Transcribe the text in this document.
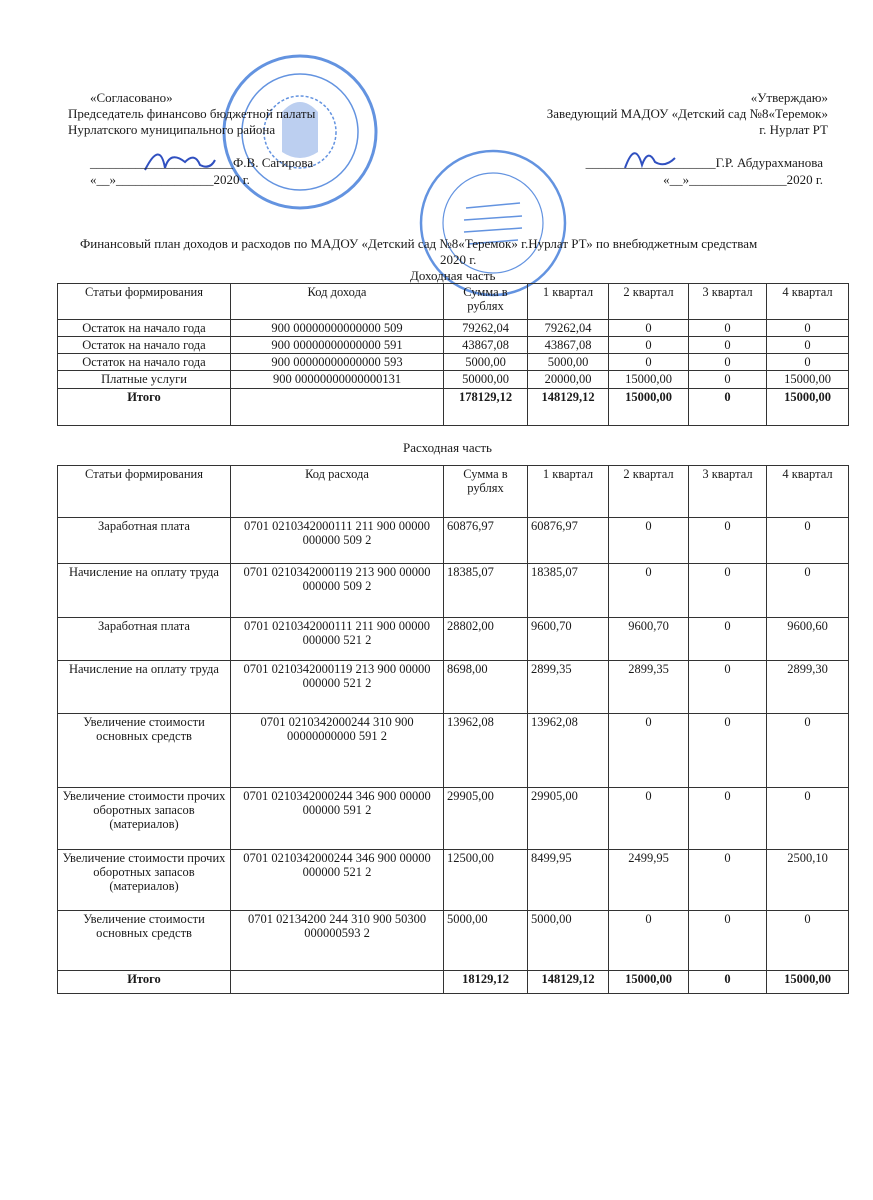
«Согласовано»
Председатель финансово бюджетной палаты
Нурлатского муниципального района
______________________Ф.В. Сагирова
«__»_______________2020 г.
«Утверждаю»
Заведующий МАДОУ «Детский сад №8«Теремок»
г. Нурлат РТ
____________________Г.Р. Абдурахманова
«__»_______________2020 г.
Финансовый план доходов и расходов по МАДОУ «Детский сад №8«Теремок» г.Нурлат РТ» по внебюджетным средствам
2020 г.
Доходная часть
Статьи формирования	Код дохода	Сумма в рублях	1 квартал	2 квартал	3 квартал	4 квартал
Остаток на начало года	900 00000000000000 509	79262,04	79262,04	0	0	0
Остаток на начало года	900 00000000000000 591	43867,08	43867,08	0	0	0
Остаток на начало года	900 00000000000000 593	5000,00	5000,00	0	0	0
Платные услуги	900 00000000000000131	50000,00	20000,00	15000,00	0	15000,00
Итого		178129,12	148129,12	15000,00	0	15000,00
Расходная часть
Статьи формирования	Код расхода	Сумма в рублях	1 квартал	2 квартал	3 квартал	4 квартал
Заработная плата	0701 0210342000111 211 900 00000 000000 509 2	60876,97	60876,97	0	0	0
Начисление на оплату труда	0701 0210342000119 213 900 00000 000000 509 2	18385,07	18385,07	0	0	0
Заработная плата	0701 0210342000111 211 900 00000 000000 521 2	28802,00	9600,70	9600,70	0	9600,60
Начисление на оплату труда	0701 0210342000119 213 900 00000 000000 521 2	8698,00	2899,35	2899,35	0	2899,30
Увеличение стоимости основных средств	0701 0210342000244 310 900 00000000000 591 2	13962,08	13962,08	0	0	0
Увеличение стоимости прочих оборотных запасов (материалов)	0701 0210342000244 346 900 00000 000000 591 2	29905,00	29905,00	0	0	0
Увеличение стоимости прочих оборотных запасов (материалов)	0701 0210342000244 346 900 00000 000000 521 2	12500,00	8499,95	2499,95	0	2500,10
Увеличение стоимости основных средств	0701 02134200 244 310 900 50300 000000593 2	5000,00	5000,00	0	0	0
Итого		18129,12	148129,12	15000,00	0	15000,00
